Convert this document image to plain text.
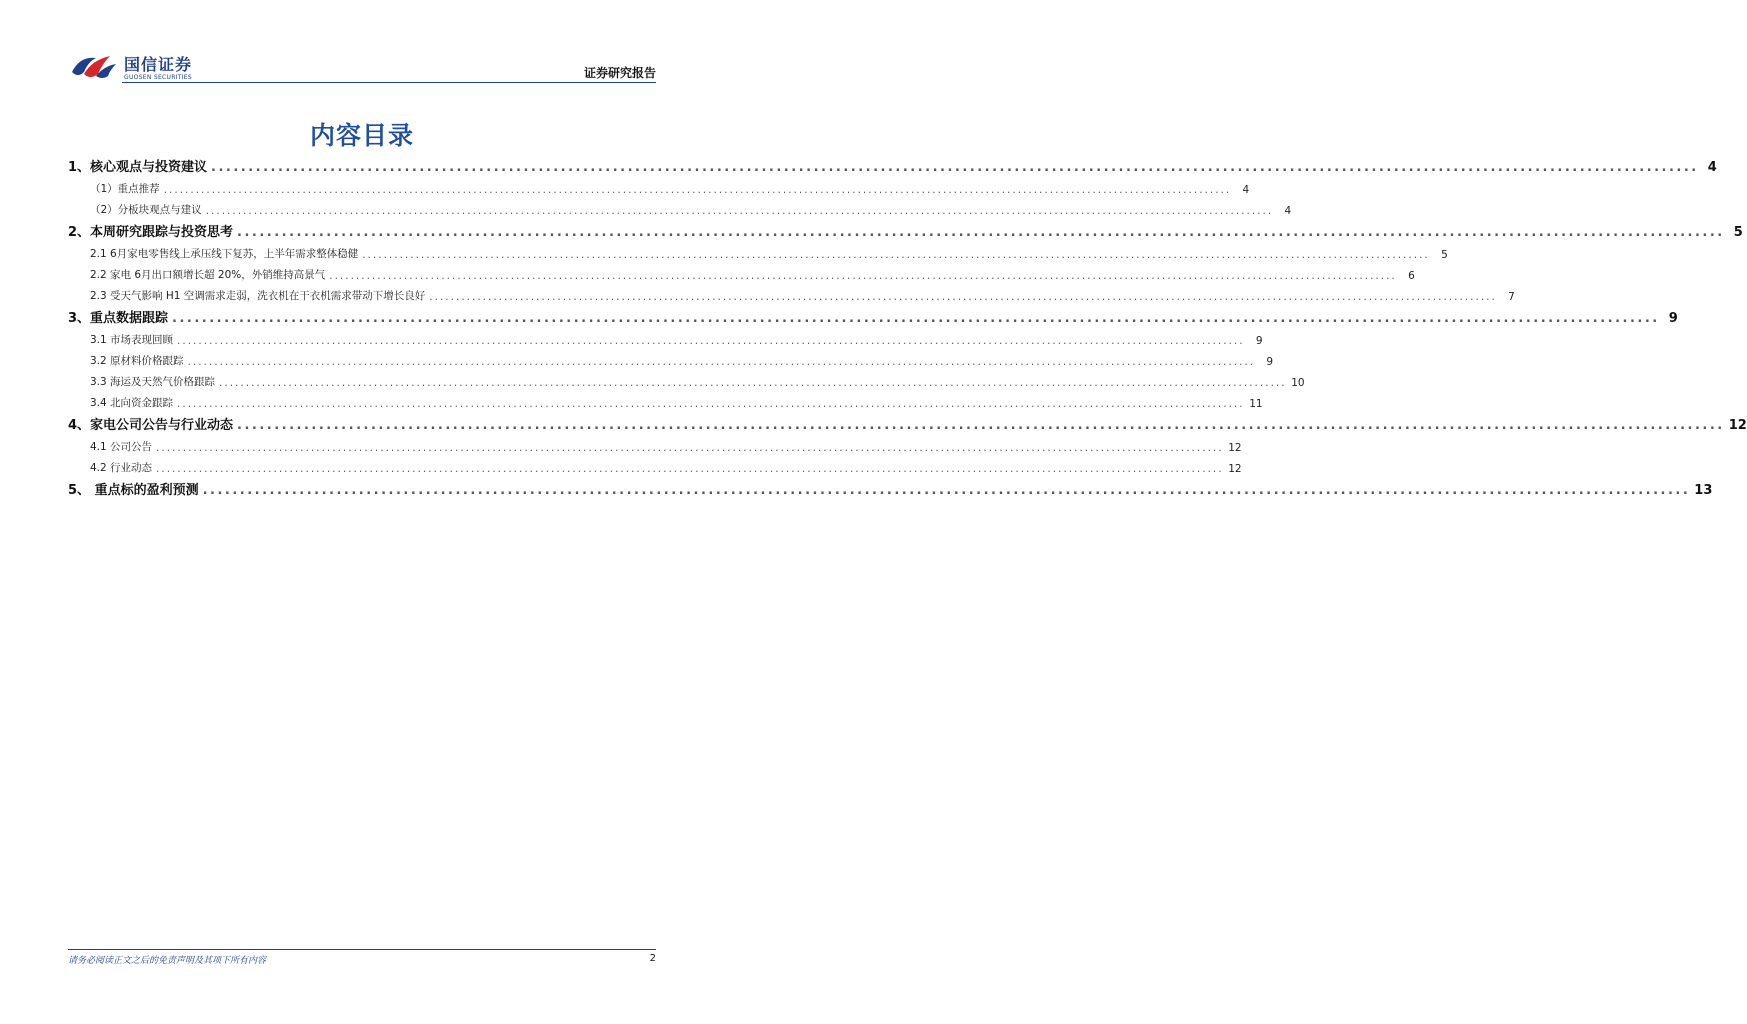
国信证券
GUOSEN SECURITIES	证券研究报告
内容目录
1、核心观点与投资建议 ........................................................................................................................................................................................................ 4
（1）重点推荐 ........................................................................................................................................................................................................	4
（2）分板块观点与建议 ........................................................................................................................................................................................................	4
2、本周研究跟踪与投资思考 ........................................................................................................................................................................................................ 5
2.1 6月家电零售线上承压线下复苏，上半年需求整体稳健 ........................................................................................................................................................................................................	5
2.2 家电 6月出口额增长超 20%，外销维持高景气 ........................................................................................................................................................................................................	6
2.3 受天气影响 H1 空调需求走弱，洗衣机在干衣机需求带动下增长良好 ........................................................................................................................................................................................................	7
3、重点数据跟踪 ........................................................................................................................................................................................................ 9
3.1 市场表现回顾 ........................................................................................................................................................................................................	9
3.2 原材料价格跟踪 ........................................................................................................................................................................................................	9
3.3 海运及天然气价格跟踪 ........................................................................................................................................................................................................ 10
3.4 北向资金跟踪 ........................................................................................................................................................................................................ 11
4、家电公司公告与行业动态 ........................................................................................................................................................................................................ 12
4.1 公司公告 ........................................................................................................................................................................................................ 12
4.2 行业动态 ........................................................................................................................................................................................................ 12
5、 重点标的盈利预测 ........................................................................................................................................................................................................ 13
请务必阅读正文之后的免责声明及其项下所有内容	2
